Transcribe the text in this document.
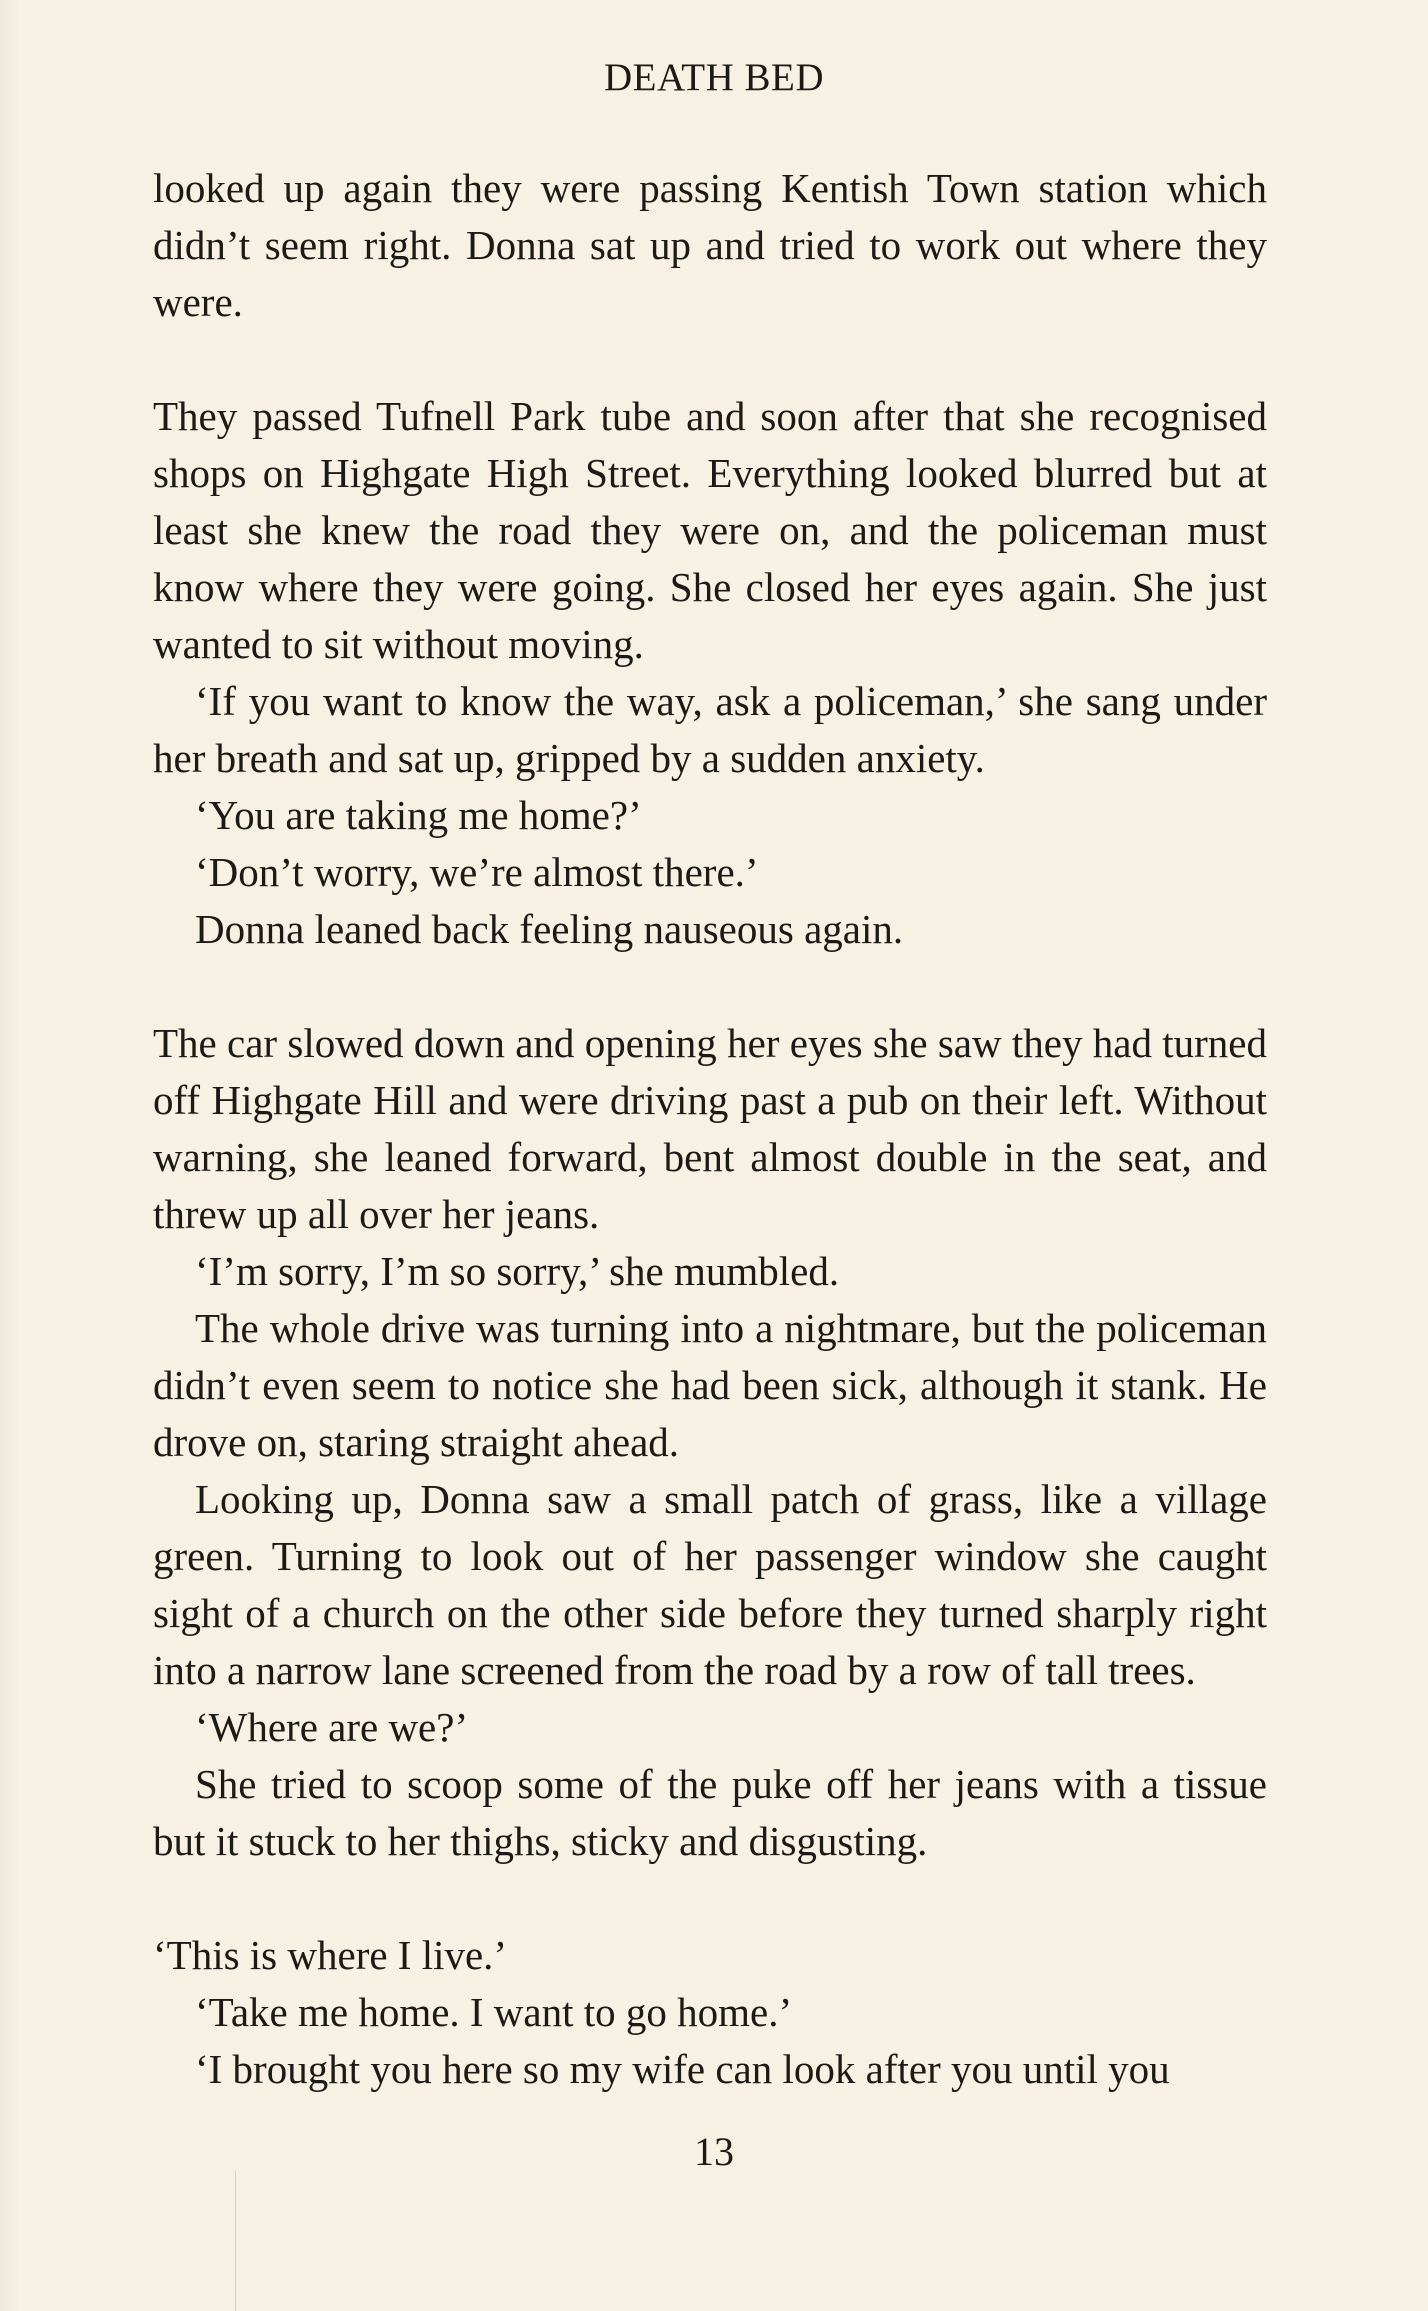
DEATH BED

looked up again they were passing Kentish Town station which didn’t seem right. Donna sat up and tried to work out where they were.

They passed Tufnell Park tube and soon after that she recognised shops on Highgate High Street. Everything looked blurred but at least she knew the road they were on, and the policeman must know where they were going. She closed her eyes again. She just wanted to sit without moving.

‘If you want to know the way, ask a policeman,’ she sang under her breath and sat up, gripped by a sudden anxiety.

‘You are taking me home?’

‘Don’t worry, we’re almost there.’

Donna leaned back feeling nauseous again.

The car slowed down and opening her eyes she saw they had turned off Highgate Hill and were driving past a pub on their left. Without warning, she leaned forward, bent almost double in the seat, and threw up all over her jeans.

‘I’m sorry, I’m so sorry,’ she mumbled.

The whole drive was turning into a nightmare, but the policeman didn’t even seem to notice she had been sick, although it stank. He drove on, staring straight ahead.

Looking up, Donna saw a small patch of grass, like a village green. Turning to look out of her passenger window she caught sight of a church on the other side before they turned sharply right into a narrow lane screened from the road by a row of tall trees.

‘Where are we?’

She tried to scoop some of the puke off her jeans with a tissue but it stuck to her thighs, sticky and disgusting.

‘This is where I live.’

‘Take me home. I want to go home.’

‘I brought you here so my wife can look after you until you

13
